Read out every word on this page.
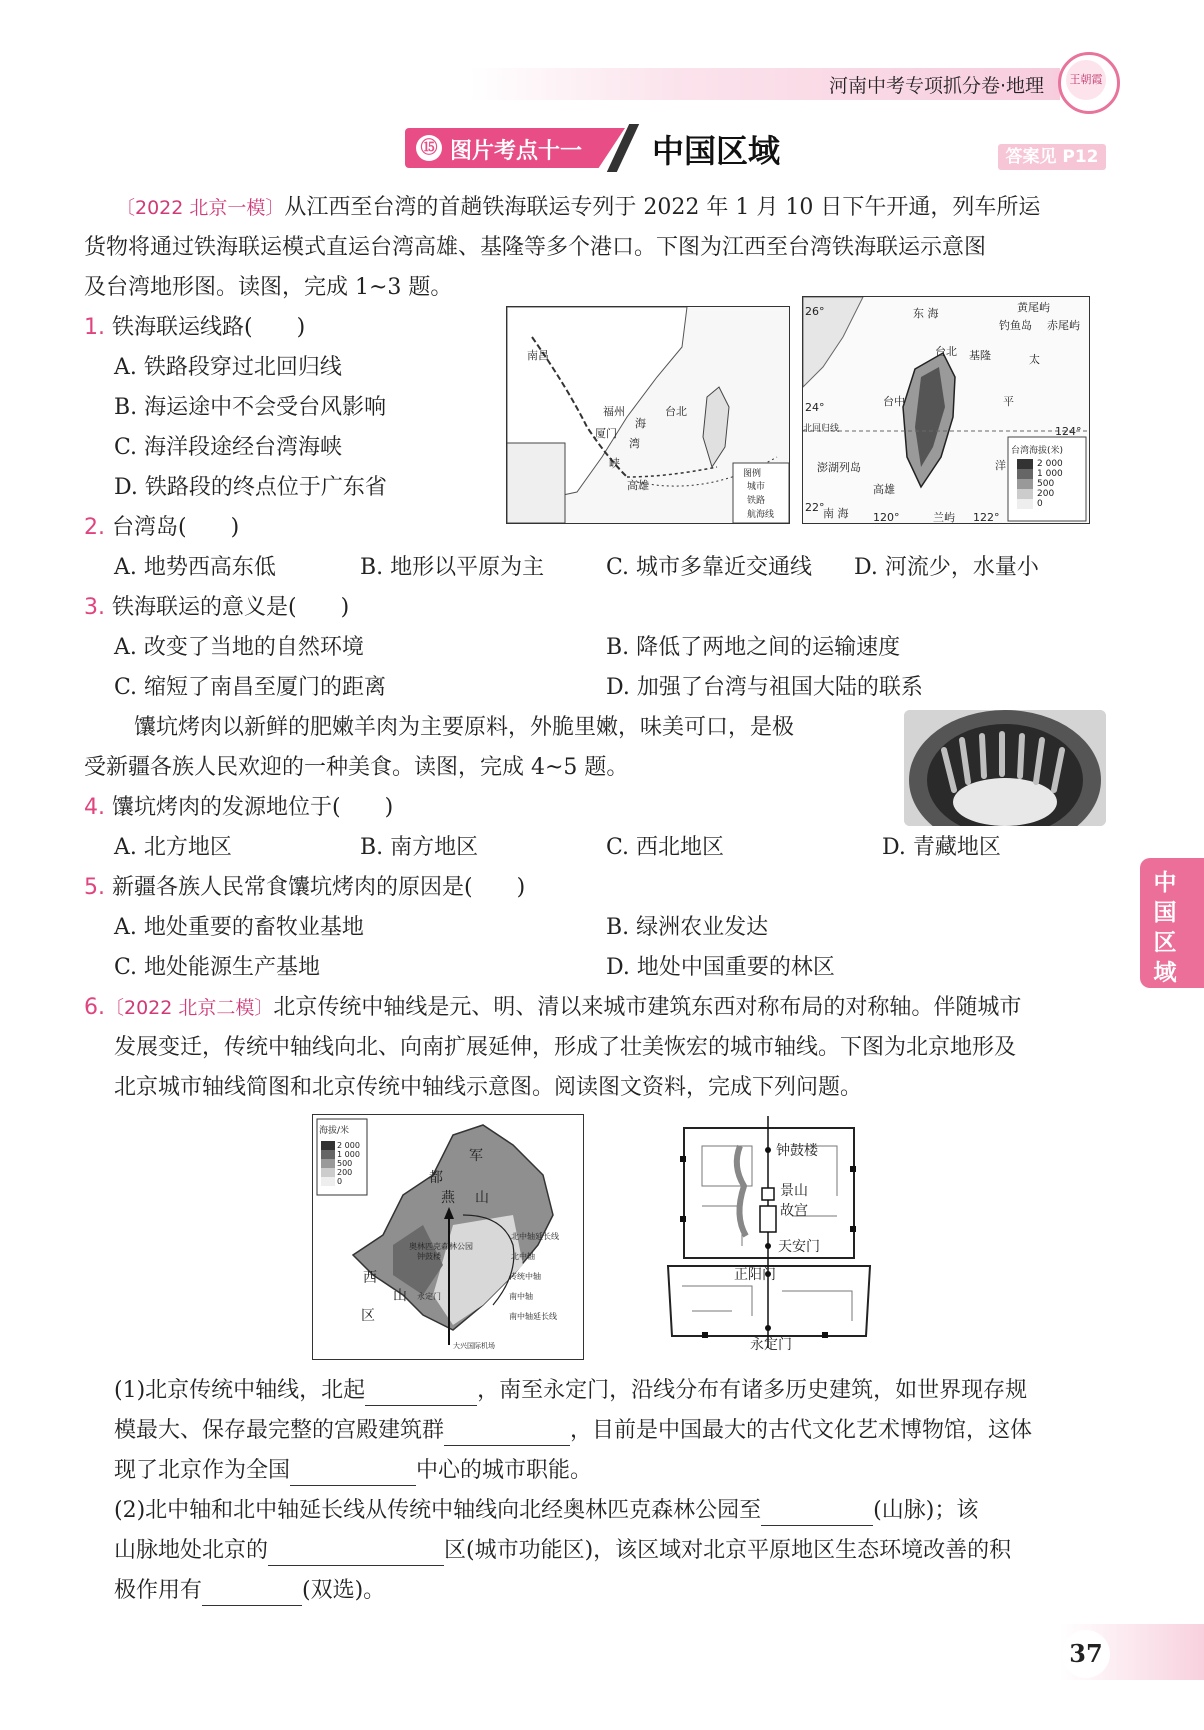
河南中考专项抓分卷·地理	王朝霞
⑮ 图片考点十一 中国区域	答案见 P12
〔2022 北京一模〕从江西至台湾的首趟铁海联运专列于 2022 年 1 月 10 日下午开通，列车所运
货物将通过铁海联运模式直运台湾高雄、基隆等多个港口。下图为江西至台湾铁海联运示意图
及台湾地形图。读图，完成 1~3 题。
1. 铁海联运线路(　　)
A. 铁路段穿过北回归线
B. 海运途中不会受台风影响
C. 海洋段途经台湾海峡
D. 铁路段的终点位于广东省
南昌
福州
厦门
台北
高雄
海
湾
峡
图例
城市
铁路
航海线
东 海	黄尾屿
钓鱼岛 赤尾屿
台北 基隆	太
平
洋
台中
北回归线
澎湖列岛
高雄
南 海	兰屿
26°
24°
22°
120°	122°
124°
台湾海拔(米)
2 000
1 000
500
200
0
2. 台湾岛(　　)
A. 地势西高东低	B. 地形以平原为主	C. 城市多靠近交通线 D. 河流少，水量小
3. 铁海联运的意义是(　　)
A. 改变了当地的自然环境	B. 降低了两地之间的运输速度
C. 缩短了南昌至厦门的距离	D. 加强了台湾与祖国大陆的联系
馕坑烤肉以新鲜的肥嫩羊肉为主要原料，外脆里嫩，味美可口，是极
受新疆各族人民欢迎的一种美食。读图，完成 4~5 题。
4. 馕坑烤肉的发源地位于(　　)
A. 北方地区	B. 南方地区	C. 西北地区	D. 青藏地区
5. 新疆各族人民常食馕坑烤肉的原因是(　　)
A. 地处重要的畜牧业基地	B. 绿洲农业发达
C. 地处能源生产基地	D. 地处中国重要的林区
6.〔2022 北京二模〕北京传统中轴线是元、明、清以来城市建筑东西对称布局的对称轴。伴随城市
发展变迁，传统中轴线向北、向南扩展延伸，形成了壮美恢宏的城市轴线。下图为北京地形及
北京城市轴线简图和北京传统中轴线示意图。阅读图文资料，完成下列问题。
海拔/米
2 000
1 000
500
200
0
军
都
燕 山
西
山
区
奥林匹克森林公园
钟鼓楼
永定门
北中轴延长线
北中轴
传统中轴
南中轴
南中轴延长线
大兴国际机场
钟鼓楼
景山
故宫
天安门
正阳门
永定门
(1)北京传统中轴线，北起	，南至永定门，沿线分布有诸多历史建筑，如世界现存规
模最大、保存最完整的宫殿建筑群	，目前是中国最大的古代文化艺术博物馆，这体
现了北京作为全国	中心的城市职能。
(2)北中轴和北中轴延长线从传统中轴线向北经奥林匹克森林公园至	(山脉)；该
山脉地处北京的	区(城市功能区)，该区域对北京平原地区生态环境改善的积
极作用有	(双选)。
中国区域
37
